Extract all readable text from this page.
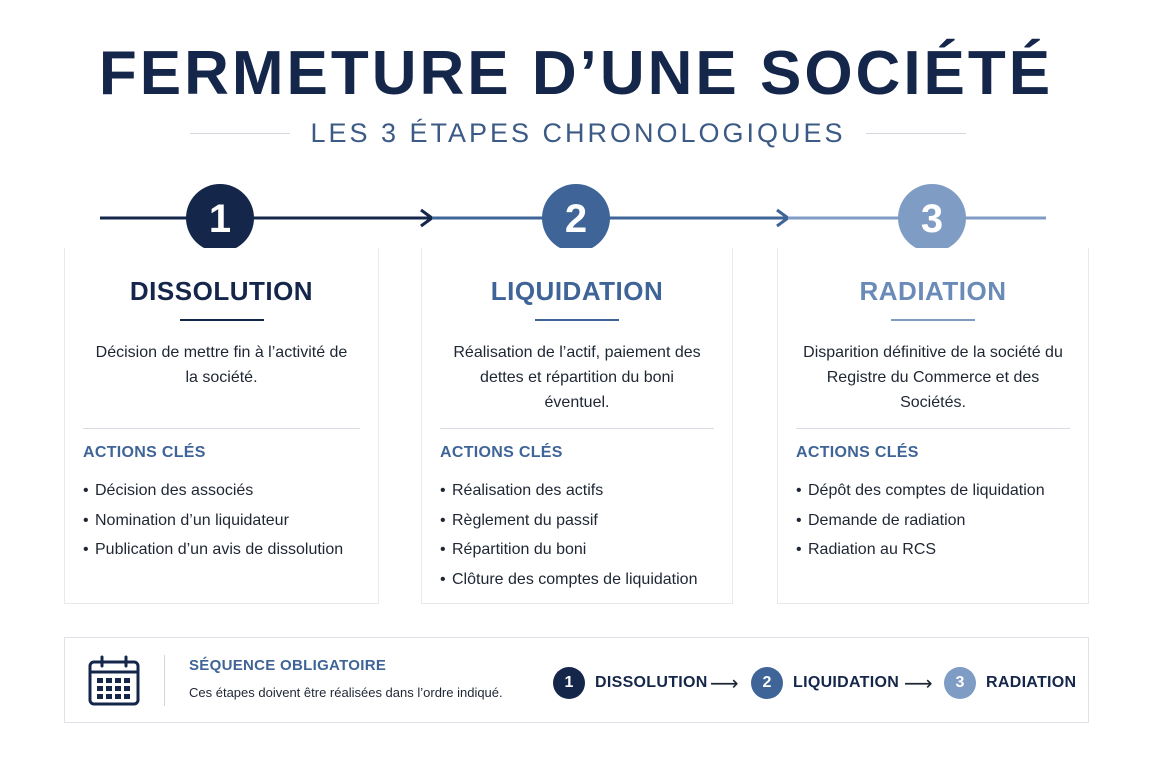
FERMETURE D’UNE SOCIÉTÉ
LES 3 ÉTAPES CHRONOLOGIQUES
1	2	3
DISSOLUTION
Décision de mettre fin à l’activité de la société.
ACTIONS CLÉS
• Décision des associés
• Nomination d’un liquidateur
• Publication d’un avis de dissolution
LIQUIDATION
Réalisation de l’actif, paiement des dettes et répartition du boni éventuel.
ACTIONS CLÉS
• Réalisation des actifs
• Règlement du passif
• Répartition du boni
• Clôture des comptes de liquidation
RADIATION
Disparition définitive de la société du Registre du Commerce et des Sociétés.
ACTIONS CLÉS
• Dépôt des comptes de liquidation
• Demande de radiation
• Radiation au RCS
SÉQUENCE OBLIGATOIRE
Ces étapes doivent être réalisées dans l’ordre indiqué.
1	DISSOLUTION ⟶	2	LIQUIDATION ⟶	3	RADIATION
